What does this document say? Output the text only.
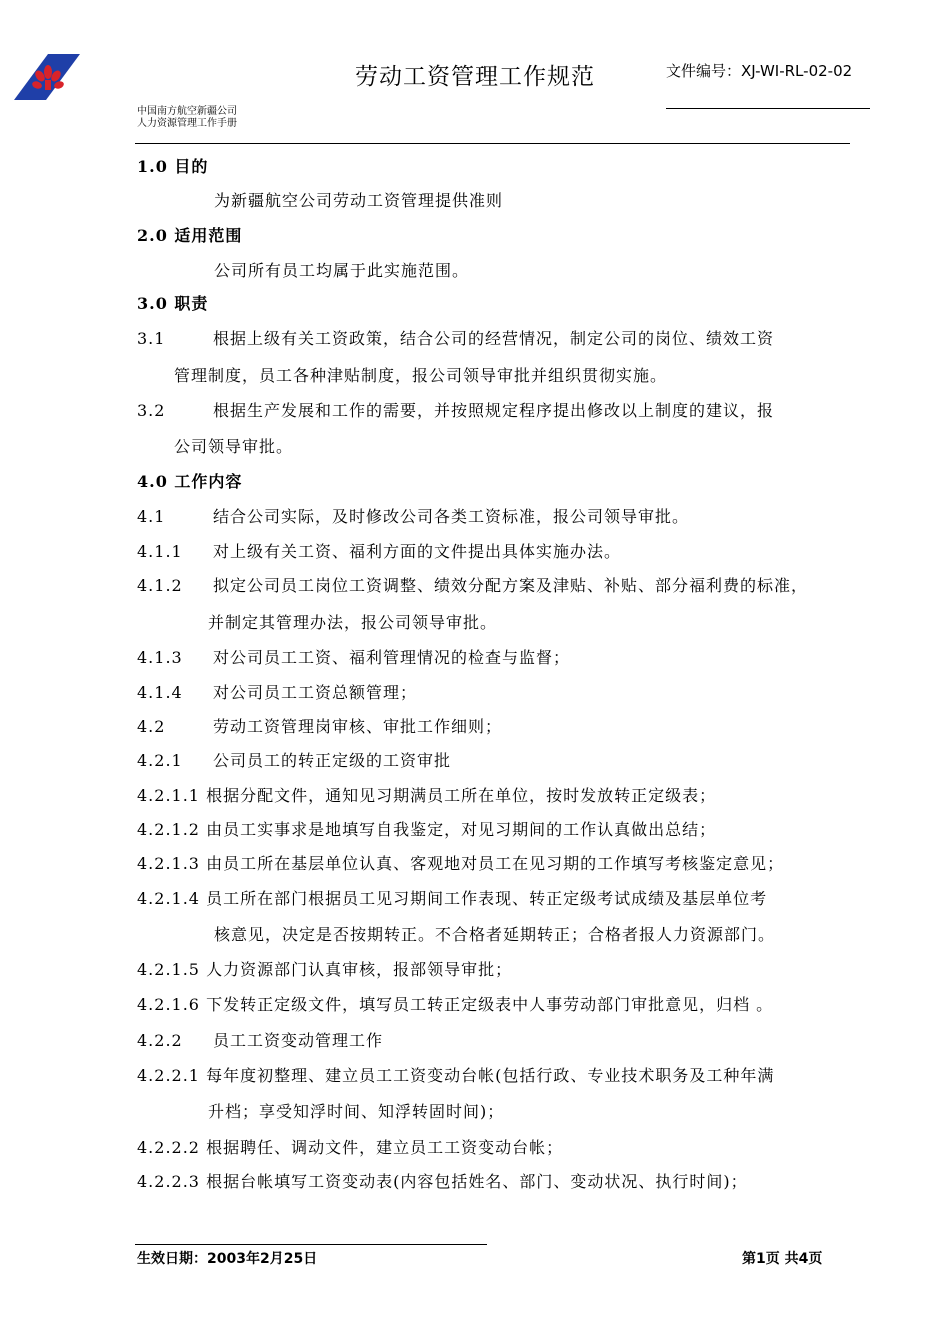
劳动工资管理工作规范	文件编号：XJ-WI-RL-02-02
中国南方航空新疆公司
人力资源管理工作手册
1.0 目的
为新疆航空公司劳动工资管理提供准则
2.0 适用范围
公司所有员工均属于此实施范围。
3.0 职责
3.1	根据上级有关工资政策，结合公司的经营情况，制定公司的岗位、绩效工资
管理制度，员工各种津贴制度，报公司领导审批并组织贯彻实施。
3.2	根据生产发展和工作的需要，并按照规定程序提出修改以上制度的建议，报
公司领导审批。
4.0 工作内容
4.1	结合公司实际，及时修改公司各类工资标准，报公司领导审批。
4.1.1 对上级有关工资、福利方面的文件提出具体实施办法。
4.1.2 拟定公司员工岗位工资调整、绩效分配方案及津贴、补贴、部分福利费的标准，
并制定其管理办法，报公司领导审批。
4.1.3 对公司员工工资、福利管理情况的检查与监督；
4.1.4 对公司员工工资总额管理；
4.2	劳动工资管理岗审核、审批工作细则；
4.2.1 公司员工的转正定级的工资审批
4.2.1.1 根据分配文件，通知见习期满员工所在单位，按时发放转正定级表；
4.2.1.2 由员工实事求是地填写自我鉴定，对见习期间的工作认真做出总结；
4.2.1.3 由员工所在基层单位认真、客观地对员工在见习期的工作填写考核鉴定意见；
4.2.1.4 员工所在部门根据员工见习期间工作表现、转正定级考试成绩及基层单位考
核意见，决定是否按期转正。不合格者延期转正；合格者报人力资源部门。
4.2.1.5 人力资源部门认真审核，报部领导审批；
4.2.1.6 下发转正定级文件，填写员工转正定级表中人事劳动部门审批意见，归档 。
4.2.2 员工工资变动管理工作
4.2.2.1 每年度初整理、建立员工工资变动台帐(包括行政、专业技术职务及工种年满
升档；享受知浮时间、知浮转固时间)；
4.2.2.2 根据聘任、调动文件，建立员工工资变动台帐；
4.2.2.3 根据台帐填写工资变动表(内容包括姓名、部门、变动状况、执行时间)；
生效日期：2003年2月25日	第1页 共4页
